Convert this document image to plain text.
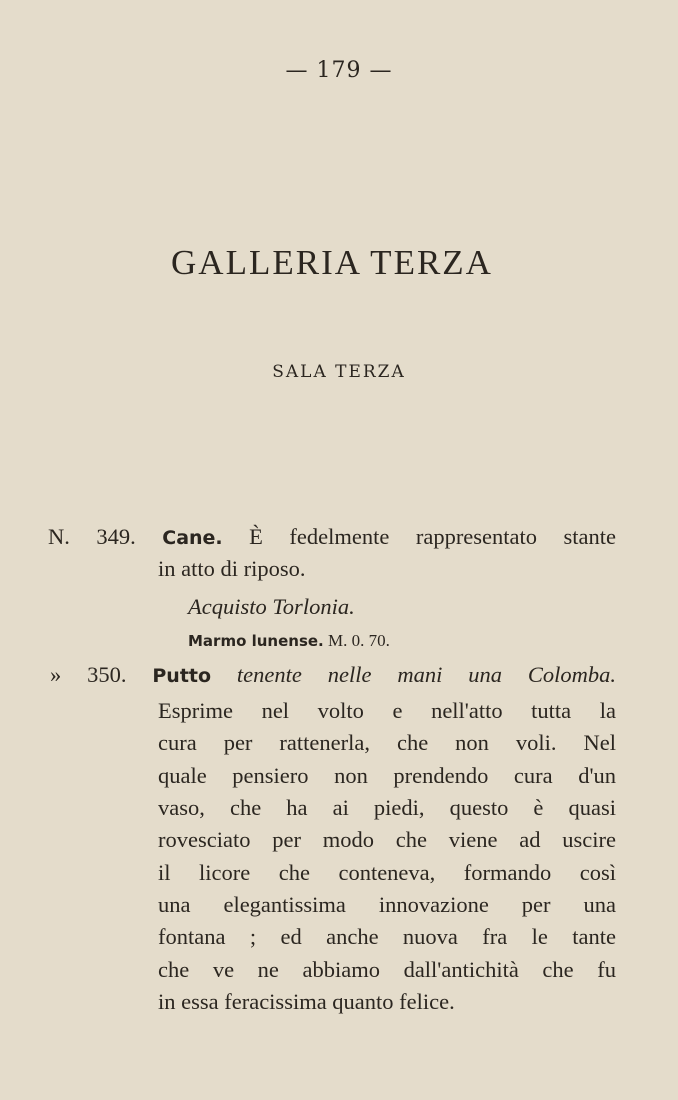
— 179 —
GALLERIA TERZA
SALA TERZA
N. 349. Cane. È fedelmente rappresentato stante
in atto di riposo.
Acquisto Torlonia.
Marmo lunense. M. 0. 70.
» 350. Putto tenente nelle mani una Colomba.
Esprime nel volto e nell'atto tutta la
cura per rattenerla, che non voli. Nel
quale pensiero non prendendo cura d'un
vaso, che ha ai piedi, questo è quasi
rovesciato per modo che viene ad uscire
il licore che conteneva, formando così
una elegantissima innovazione per una
fontana ; ed anche nuova fra le tante
che ve ne abbiamo dall'antichità che fu
in essa feracissima quanto felice.
